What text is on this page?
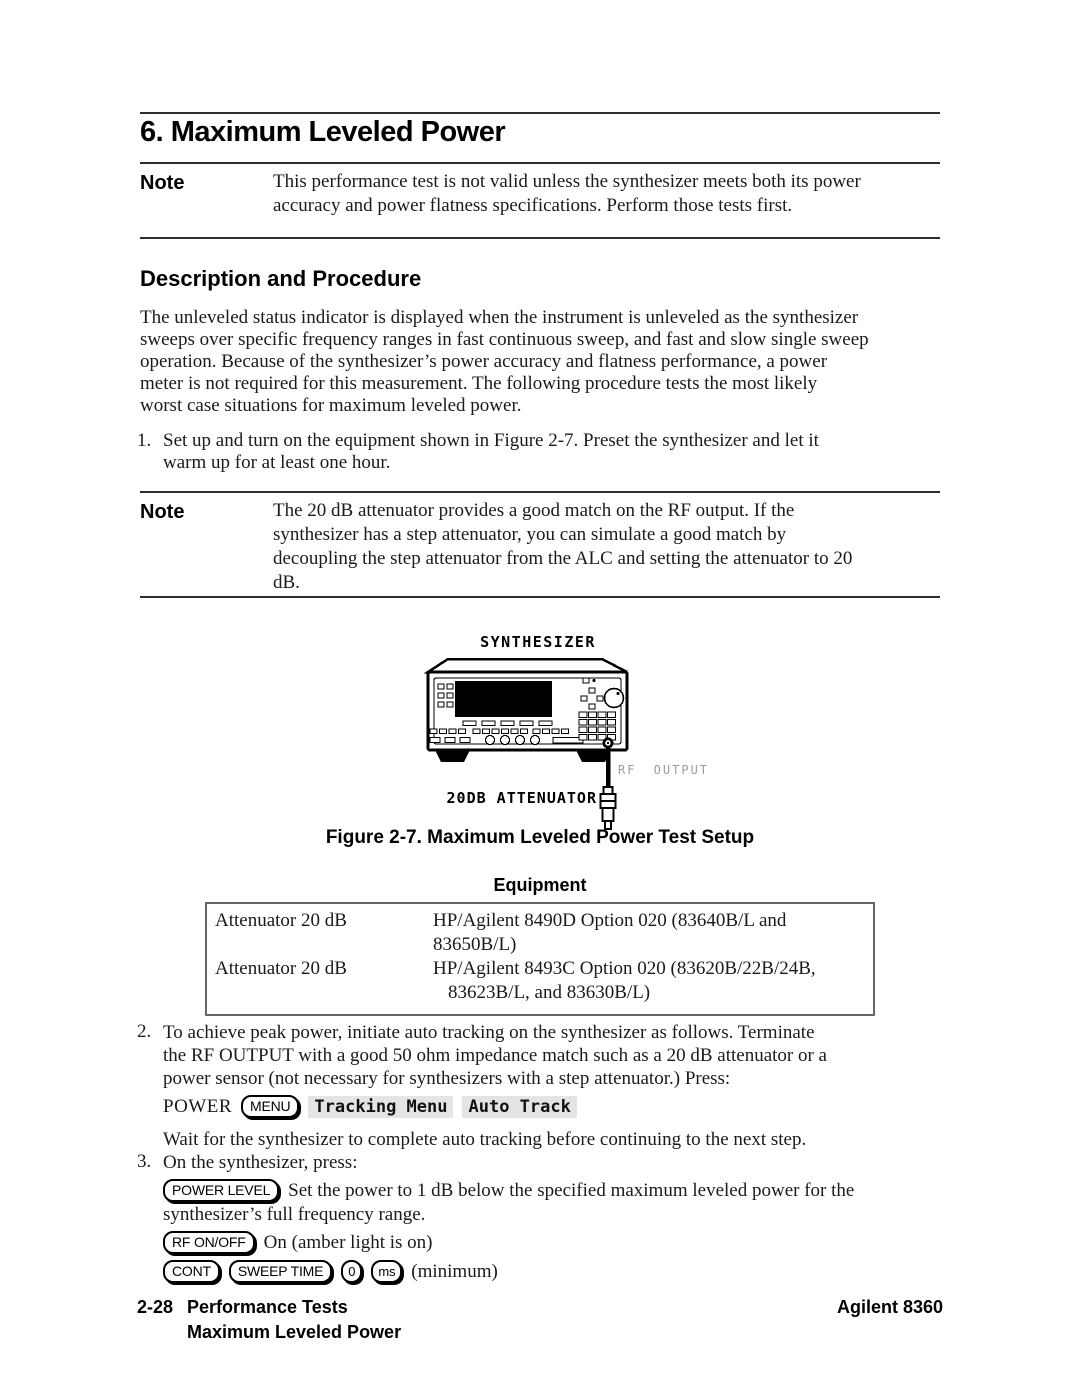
6. Maximum Leveled Power
Note	This performance test is not valid unless the synthesizer meets both its power
accuracy and power flatness specifications. Perform those tests first.
Description and Procedure
The unleveled status indicator is displayed when the instrument is unleveled as the synthesizer
sweeps over specific frequency ranges in fast continuous sweep, and fast and slow single sweep
operation. Because of the synthesizer’s power accuracy and flatness performance, a power
meter is not required for this measurement. The following procedure tests the most likely
worst case situations for maximum leveled power.
1. Set up and turn on the equipment shown in Figure 2-7. Preset the synthesizer and let it
warm up for at least one hour.
Note	The 20 dB attenuator provides a good match on the RF output. If the
synthesizer has a step attenuator, you can simulate a good match by
decoupling the step attenuator from the ALC and setting the attenuator to 20
dB.
SYNTHESIZER
RF OUTPUT
20DB ATTENUATOR
Figure 2-7. Maximum Leveled Power Test Setup
Equipment
Attenuator 20 dB	HP/Agilent 8490D Option 020 (83640B/L and 83650B/L)
Attenuator 20 dB	HP/Agilent 8493C Option 020 (83620B/22B/24B,
83623B/L, and 83630B/L)
2. To achieve peak power, initiate auto tracking on the synthesizer as follows. Terminate
the RF OUTPUT with a good 50 ohm impedance match such as a 20 dB attenuator or a
power sensor (not necessary for synthesizers with a step attenuator.) Press:
POWER	MENU	Tracking Menu	Auto Track
Wait for the synthesizer to complete auto tracking before continuing to the next step.
3. On the synthesizer, press:
POWER LEVEL Set the power to 1 dB below the specified maximum leveled power for the
synthesizer’s full frequency range.
RF ON/OFF On (amber light is on)
CONT	SWEEP TIME	0	ms (minimum)
2-28 Performance Tests	Agilent 8360
Maximum Leveled Power
